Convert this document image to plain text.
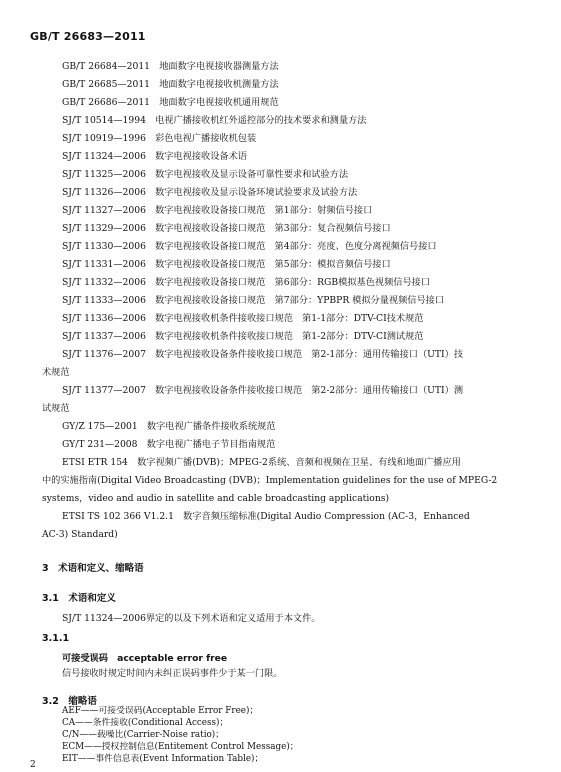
GB/T 26683—2011
GB/T 26684—2011　地面数字电视接收器测量方法
GB/T 26685—2011　地面数字电视接收机测量方法
GB/T 26686—2011　地面数字电视接收机通用规范
SJ/T 10514—1994　电视广播接收机红外遥控部分的技术要求和测量方法
SJ/T 10919—1996　彩色电视广播接收机包装
SJ/T 11324—2006　数字电视接收设备术语
SJ/T 11325—2006　数字电视接收及显示设备可靠性要求和试验方法
SJ/T 11326—2006　数字电视接收及显示设备环境试验要求及试验方法
SJ/T 11327—2006　数字电视接收设备接口规范　第1部分：射频信号接口
SJ/T 11329—2006　数字电视接收设备接口规范　第3部分：复合视频信号接口
SJ/T 11330—2006　数字电视接收设备接口规范　第4部分：亮度、色度分离视频信号接口
SJ/T 11331—2006　数字电视接收设备接口规范　第5部分：模拟音频信号接口
SJ/T 11332—2006　数字电视接收设备接口规范　第6部分：RGB模拟基色视频信号接口
SJ/T 11333—2006　数字电视接收设备接口规范　第7部分：YPBPR 模拟分量视频信号接口
SJ/T 11336—2006　数字电视接收机条件接收接口规范　第1-1部分：DTV-CI技术规范
SJ/T 11337—2006　数字电视接收机条件接收接口规范　第1-2部分：DTV-CI测试规范
SJ/T 11376—2007　数字电视接收设备条件接收接口规范　第2-1部分：通用传输接口（UTI）技
术规范
SJ/T 11377—2007　数字电视接收设备条件接收接口规范　第2-2部分：通用传输接口（UTI）测
试规范
GY/Z 175—2001　数字电视广播条件接收系统规范
GY/T 231—2008　数字电视广播电子节目指南规范
ETSI ETR 154　数字视频广播(DVB)；MPEG-2系统、音频和视频在卫星、有线和地面广播应用
中的实施指南(Digital Video Broadcasting (DVB)；Implementation guidelines for the use of MPEG-2
systems，video and audio in satellite and cable broadcasting applications)
ETSI TS 102 366 V1.2.1　数字音频压缩标准(Digital Audio Compression (AC-3，Enhanced
AC-3) Standard)
3　术语和定义、缩略语
3.1　术语和定义
SJ/T 11324—2006界定的以及下列术语和定义适用于本文件。
3.1.1
可接受误码　acceptable error free
信号接收时规定时间内未纠正误码事件少于某一门限。
3.2　缩略语
AEF——可接受误码(Acceptable Error Free)；
CA——条件接收(Conditional Access)；
C/N——载噪比(Carrier-Noise ratio)；
ECM——授权控制信息(Entitement Control Message)；
EIT——事件信息表(Event Information Table)；
2
